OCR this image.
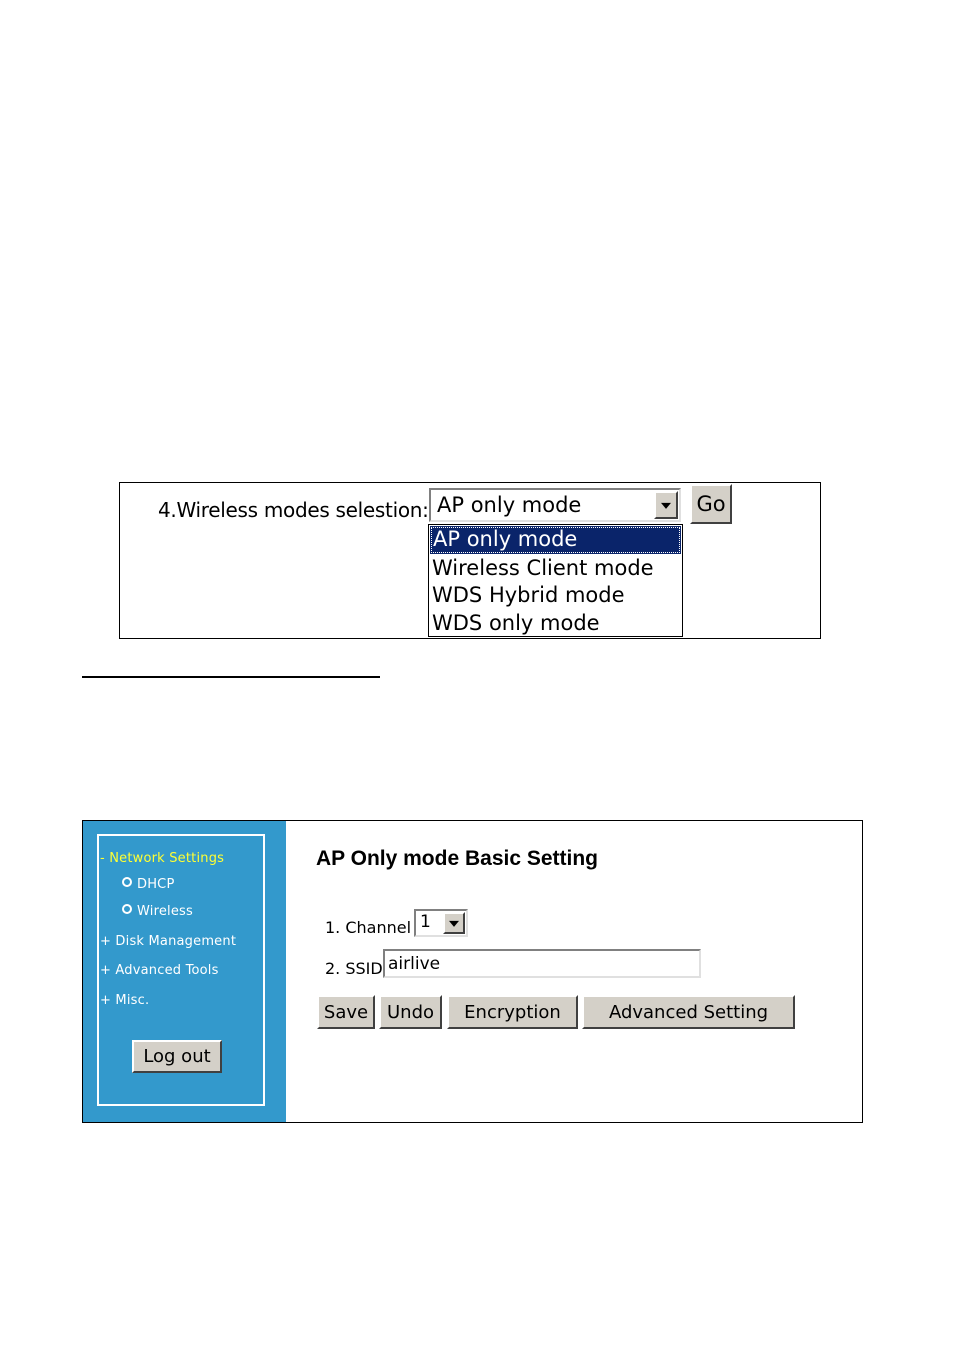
4.Wireless modes selestion: AP only mode	Go
AP only mode
Wireless Client mode
WDS Hybrid mode
WDS only mode
- Network Settings
DHCP
Wireless
+ Disk Management
+ Advanced Tools
+ Misc.
Log out
AP Only mode Basic Setting
1. Channel 1
2. SSID
airlive
Save	Undo	Encryption	Advanced Setting
